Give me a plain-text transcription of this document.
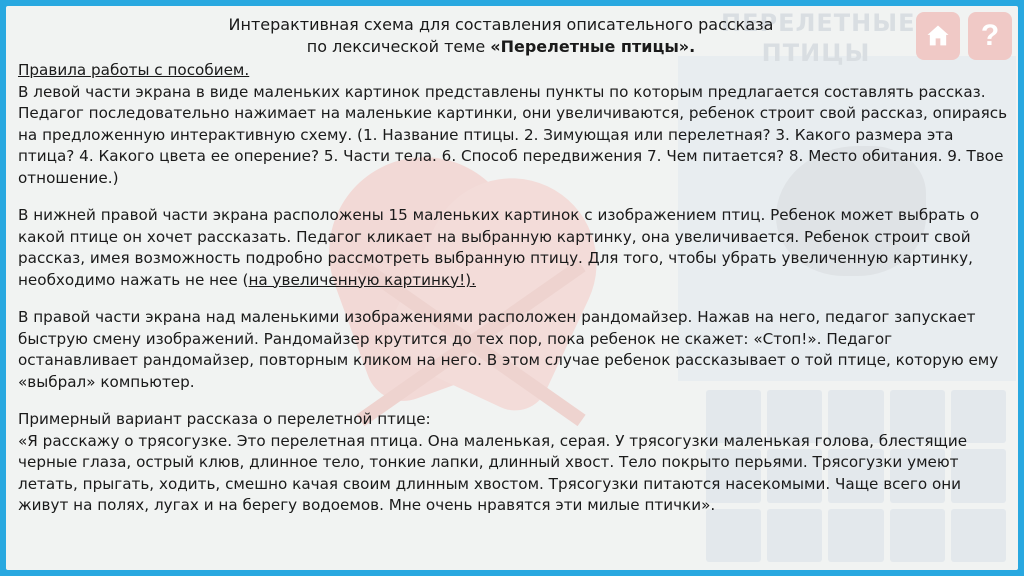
ПЕРЕЛЕТНЫЕ
ПТИЦЫ
?
Интерактивная схема для составления описательного рассказа
по лексической теме «Перелетные птицы».

Правила работы с пособием.
В левой части экрана в виде маленьких картинок представлены пункты по которым предлагается составлять рассказ. Педагог последовательно нажимает на маленькие картинки, они увеличиваются, ребенок строит свой рассказ, опираясь на предложенную интерактивную схему. (1. Название птицы. 2. Зимующая или перелетная? 3. Какого размера эта птица? 4. Какого цвета ее оперение? 5. Части тела. 6. Способ передвижения 7. Чем питается? 8. Место обитания. 9. Твое отношение.)

В нижней правой части экрана расположены 15 маленьких картинок с изображением птиц. Ребенок может выбрать о какой птице он хочет рассказать. Педагог кликает на выбранную картинку, она увеличивается. Ребенок строит свой рассказ, имея возможность подробно рассмотреть выбранную птицу. Для того, чтобы убрать увеличенную картинку, необходимо нажать не нее (на увеличенную картинку!).

В правой части экрана над маленькими изображениями расположен рандомайзер. Нажав на него, педагог запускает быструю смену изображений. Рандомайзер крутится до тех пор, пока ребенок не скажет: «Стоп!». Педагог останавливает рандомайзер, повторным кликом на него. В этом случае ребенок рассказывает о той птице, которую ему «выбрал» компьютер.

Примерный вариант рассказа о перелетной птице:
«Я расскажу о трясогузке. Это перелетная птица. Она маленькая, серая. У трясогузки маленькая голова, блестящие черные глаза, острый клюв, длинное тело, тонкие лапки, длинный хвост. Тело покрыто перьями. Трясогузки умеют летать, прыгать, ходить, смешно качая своим длинным хвостом. Трясогузки питаются насекомыми. Чаще всего они живут на полях, лугах и на берегу водоемов. Мне очень нравятся эти милые птички».
